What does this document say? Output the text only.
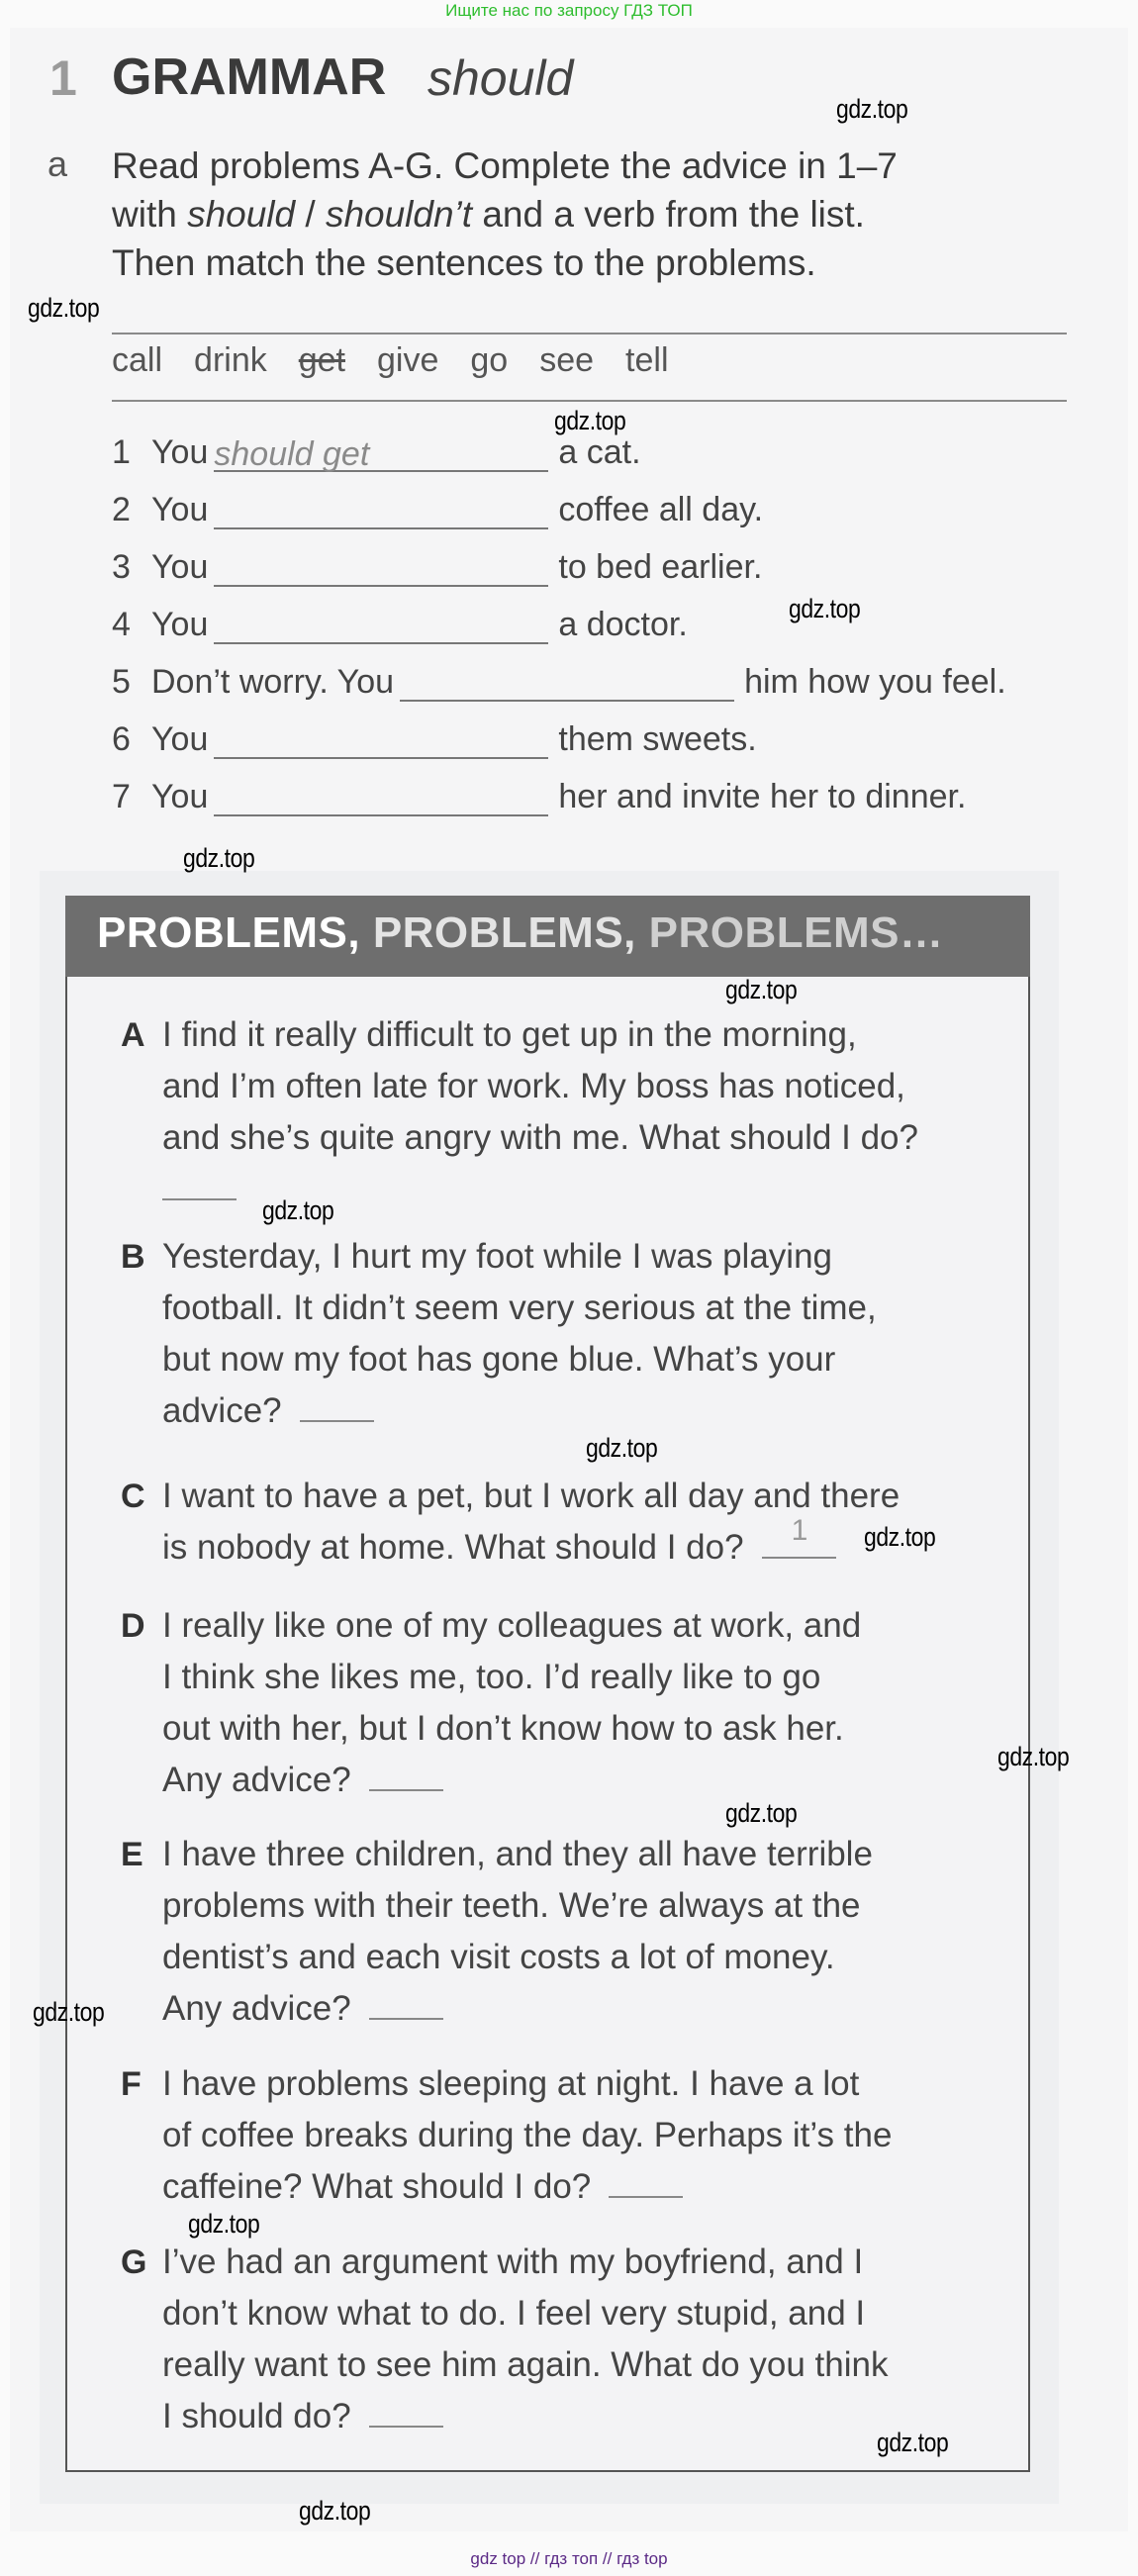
Ищите нас по запросу ГДЗ ТОП
1 GRAMMAR should
a Read problems A-G. Complete the advice in 1–7
with should / shouldn’t and a verb from the list.
Then match the sentences to the problems.
call drink get give go see tell
1 You should get	a cat.
2 You	coffee all day.
3 You	to bed earlier.
4 You	a doctor.
5 Don’t worry. You	him how you feel.
6 You	them sweets.
7 You	her and invite her to dinner.
PROBLEMS, PROBLEMS, PROBLEMS…
A I find it really difficult to get up in the morning,
and I’m often late for work. My boss has noticed,
and she’s quite angry with me. What should I do?

B Yesterday, I hurt my foot while I was playing
football. It didn’t seem very serious at the time,
but now my foot has gone blue. What’s your
advice?
C I want to have a pet, but I work all day and there
is nobody at home. What should I do? 1
D I really like one of my colleagues at work, and
I think she likes me, too. I’d really like to go
out with her, but I don’t know how to ask her.
Any advice?
E I have three children, and they all have terrible
problems with their teeth. We’re always at the
dentist’s and each visit costs a lot of money.
Any advice?
F I have problems sleeping at night. I have a lot
of coffee breaks during the day. Perhaps it’s the
caffeine? What should I do?
G I’ve had an argument with my boyfriend, and I
don’t know what to do. I feel very stupid, and I
really want to see him again. What do you think
I should do?
gdz.top
gdz.top
gdz.top
gdz.top
gdz.top
gdz.top
gdz.top
gdz.top
gdz.top
gdz.top
gdz.top
gdz.top
gdz.top
gdz.top
gdz.top
gdz top // гдз топ // гдз top
